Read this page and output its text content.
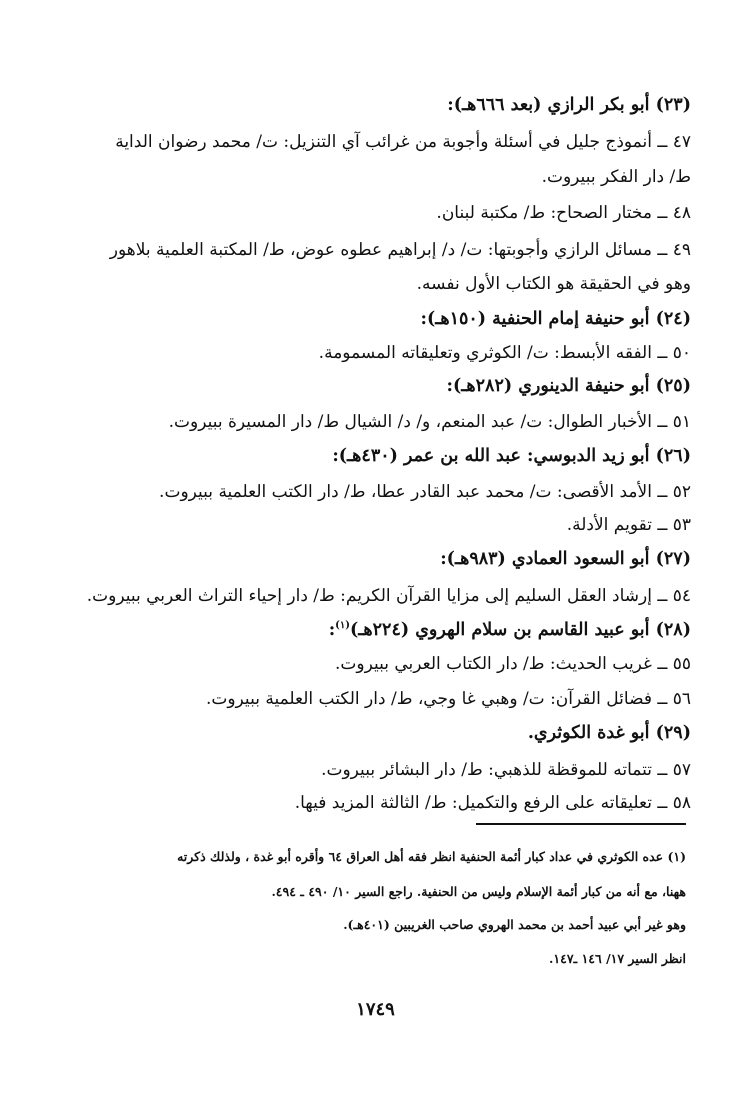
(٢٣) أبو بكر الرازي (بعد ٦٦٦هـ):
٤٧ ــ أنموذج جليل في أسئلة وأجوبة من غرائب آي التنزيل: ت/ محمد رضوان الداية
ط/ دار الفكر ببيروت.
٤٨ ــ مختار الصحاح: ط/ مكتبة لبنان.
٤٩ ــ مسائل الرازي وأجوبتها: ت/ د/ إبراهيم عطوه عوض، ط/ المكتبة العلمية بلاهور
وهو في الحقيقة هو الكتاب الأول نفسه.
(٢٤) أبو حنيفة إمام الحنفية (١٥٠هـ):
٥٠ ــ الفقه الأبسط: ت/ الكوثري وتعليقاته المسمومة.
(٢٥) أبو حنيفة الدينوري (٢٨٢هـ):
٥١ ــ الأخبار الطوال: ت/ عبد المنعم، و/ د/ الشيال ط/ دار المسيرة ببيروت.
(٢٦) أبو زيد الدبوسي: عبد الله بن عمر (٤٣٠هـ):
٥٢ ــ الأمد الأقصى: ت/ محمد عبد القادر عطا، ط/ دار الكتب العلمية ببيروت.
٥٣ ــ تقويم الأدلة.
(٢٧) أبو السعود العمادي (٩٨٣هـ):
٥٤ ــ إرشاد العقل السليم إلى مزايا القرآن الكريم: ط/ دار إحياء التراث العربي ببيروت.
(٢٨) أبو عبيد القاسم بن سلام الهروي (٢٢٤هـ)$^{(١)}$:
٥٥ ــ غريب الحديث: ط/ دار الكتاب العربي ببيروت.
٥٦ ــ فضائل القرآن: ت/ وهبي غا وجي، ط/ دار الكتب العلمية ببيروت.
(٢٩) أبو غدة الكوثري.
٥٧ ــ تتماته للموقظة للذهبي: ط/ دار البشائر ببيروت.
٥٨ ــ تعليقاته على الرفع والتكميل: ط/ الثالثة المزيد فيها.
(١) عده الكوثري في عداد كبار أئمة الحنفية انظر فقه أهل العراق ٦٤ وأقره أبو غدة ، ولذلك ذكرته
ههنا، مع أنه من كبار أئمة الإسلام وليس من الحنفية. راجع السير ١٠/ ٤٩٠ ـ ٤٩٤.
وهو غير أبي عبيد أحمد بن محمد الهروي صاحب الغريبين (٤٠١هـ).
انظر السير ١٧/ ١٤٦ ـ١٤٧.
١٧٤٩
